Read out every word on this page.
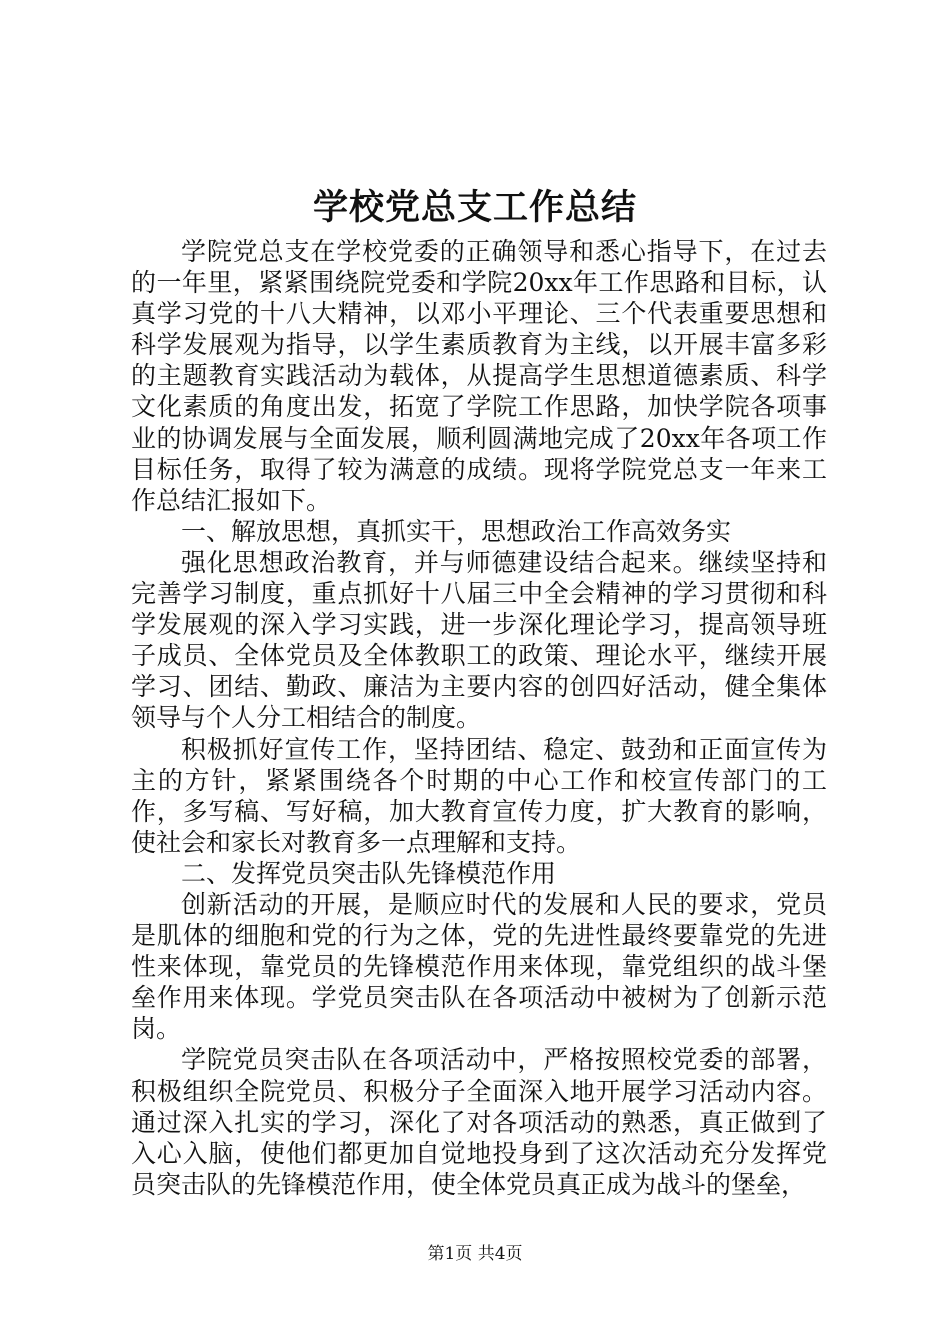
学校党总支工作总结

学院党总支在学校党委的正确领导和悉心指导下，在过去的一年里，紧紧围绕院党委和学院20xx年工作思路和目标，认真学习党的十八大精神，以邓小平理论、三个代表重要思想和科学发展观为指导，以学生素质教育为主线，以开展丰富多彩的主题教育实践活动为载体，从提高学生思想道德素质、科学文化素质的角度出发，拓宽了学院工作思路，加快学院各项事业的协调发展与全面发展，顺利圆满地完成了20xx年各项工作目标任务，取得了较为满意的成绩。现将学院党总支一年来工作总结汇报如下。

一、解放思想，真抓实干，思想政治工作高效务实

强化思想政治教育，并与师德建设结合起来。继续坚持和完善学习制度，重点抓好十八届三中全会精神的学习贯彻和科学发展观的深入学习实践，进一步深化理论学习，提高领导班子成员、全体党员及全体教职工的政策、理论水平，继续开展学习、团结、勤政、廉洁为主要内容的创四好活动，健全集体领导与个人分工相结合的制度。

积极抓好宣传工作，坚持团结、稳定、鼓劲和正面宣传为主的方针，紧紧围绕各个时期的中心工作和校宣传部门的工作，多写稿、写好稿，加大教育宣传力度，扩大教育的影响，使社会和家长对教育多一点理解和支持。

二、发挥党员突击队先锋模范作用

创新活动的开展，是顺应时代的发展和人民的要求，党员是肌体的细胞和党的行为之体，党的先进性最终要靠党的先进性来体现，靠党员的先锋模范作用来体现，靠党组织的战斗堡垒作用来体现。学党员突击队在各项活动中被树为了创新示范岗。

学院党员突击队在各项活动中，严格按照校党委的部署，积极组织全院党员、积极分子全面深入地开展学习活动内容。通过深入扎实的学习，深化了对各项活动的熟悉，真正做到了入心入脑，使他们都更加自觉地投身到了这次活动充分发挥党员突击队的先锋模范作用，使全体党员真正成为战斗的堡垒，

第1页 共4页
